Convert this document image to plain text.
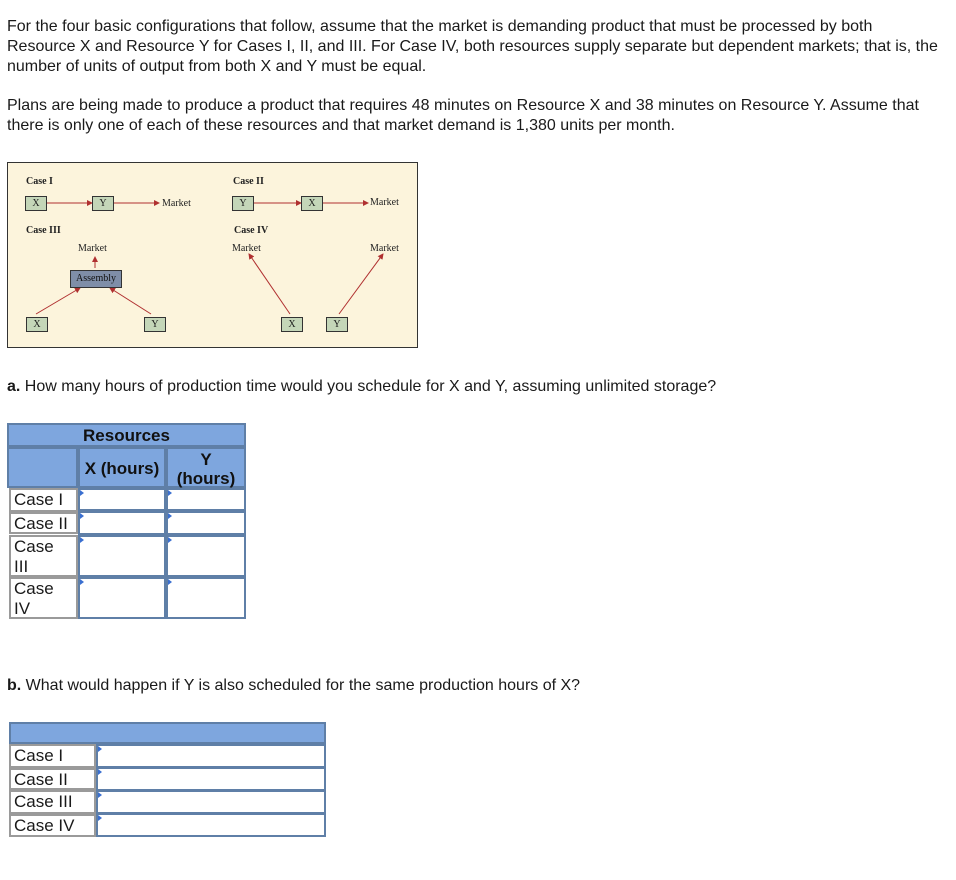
For the four basic configurations that follow, assume that the market is demanding product that must be processed by both Resource X and Resource Y for Cases I, II, and III. For Case IV, both resources supply separate but dependent markets; that is, the number of units of output from both X and Y must be equal.

Plans are being made to produce a product that requires 48 minutes on Resource X and 38 minutes on Resource Y. Assume that there is only one of each of these resources and that market demand is 1,380 units per month.

Case I
X	Y	Market
Case II
Y	X	Market
Case III
Market
Assembly
X	Y
Case IV
Market	Market
X	Y

a. How many hours of production time would you schedule for X and Y, assuming unlimited storage?

Resources
X (hours)	Y
(hours)
Case I
Case II
Case
III
Case
IV

b. What would happen if Y is also scheduled for the same production hours of X?

Case I
Case II
Case III
Case IV
